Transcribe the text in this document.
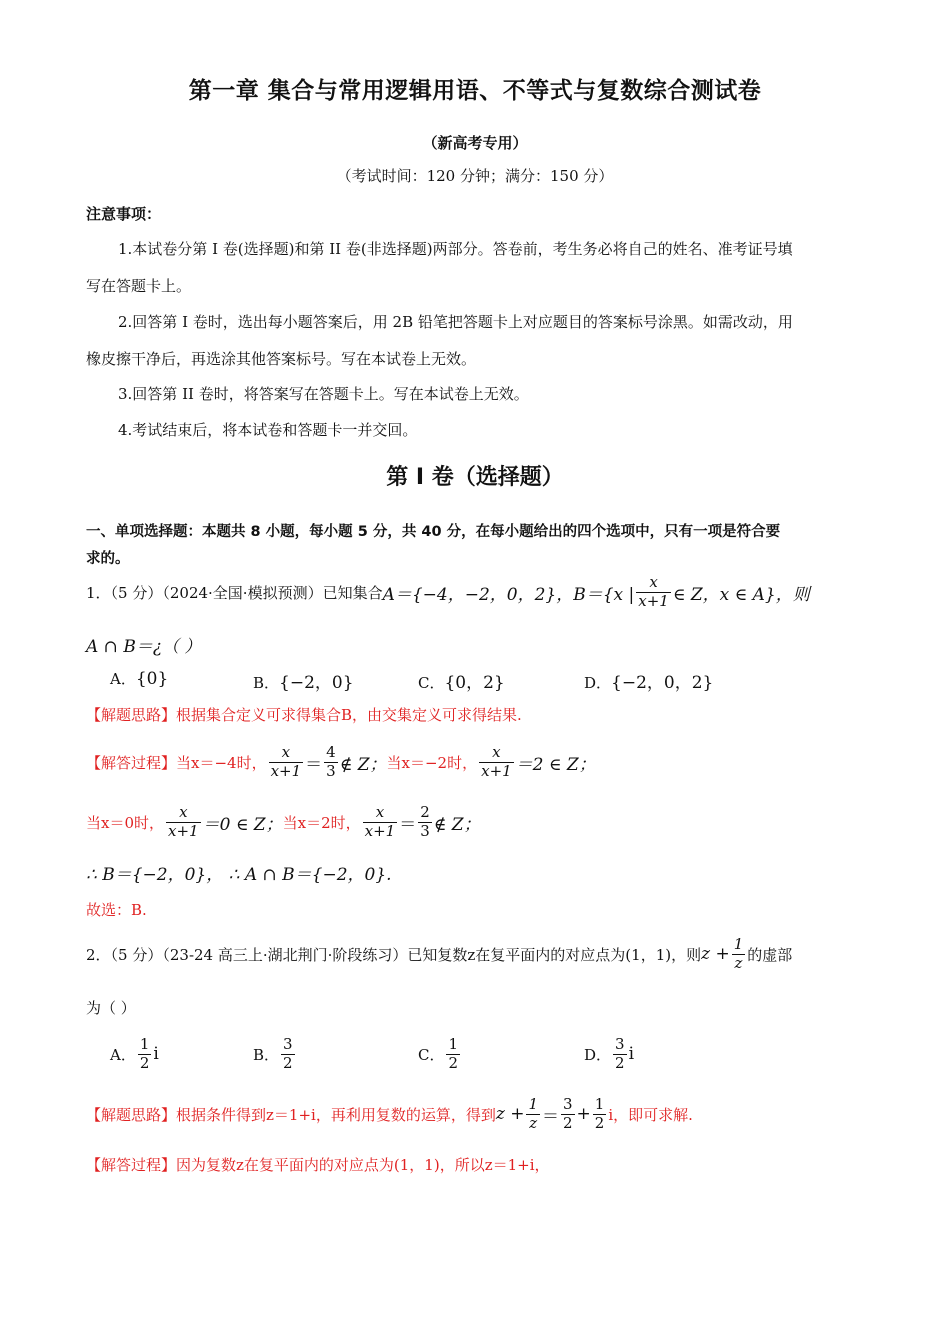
第一章 集合与常用逻辑用语、不等式与复数综合测试卷
（新高考专用）
（考试时间：120 分钟；满分：150 分）
注意事项：
1.本试卷分第 I 卷(选择题)和第 II 卷(非选择题)两部分。答卷前，考生务必将自己的姓名、准考证号填
写在答题卡上。
2.回答第 I 卷时，选出每小题答案后，用 2B 铅笔把答题卡上对应题目的答案标号涂黑。如需改动，用
橡皮擦干净后，再选涂其他答案标号。写在本试卷上无效。
3.回答第 II 卷时，将答案写在答题卡上。写在本试卷上无效。
4.考试结束后，将本试卷和答题卡一并交回。
第 I 卷（选择题）
一、单项选择题：本题共 8 小题，每小题 5 分，共 40 分，在每小题给出的四个选项中，只有一项是符合要
求的。
1．（5 分）（2024·全国·模拟预测）已知集合 A＝{−4，−2，0，2}， B＝{x | $\frac{x}{x+1}$ ∈ Z，x ∈ A}，则
A ∩ B＝¿（ ）
A．{0}	B．{−2，0}	C．{0，2}	D．{−2，0，2}
【解题思路】根据集合定义可求得集合B，由交集定义可求得结果.
【解答过程】 当x＝−4时， $\frac{x}{x+1} = \frac{4}{3}$ ∉ Z； 当x＝−2时， $\frac{x}{x+1} =2$ ∈ Z；
当x＝0时， $\frac{x}{x+1} =0$ ∈ Z； 当x＝2时， $\frac{x}{x+1} = \frac{2}{3}$ ∉ Z；
∴ B＝{−2，0}， ∴ A ∩ B＝{−2，0}.
故选：B.
2．（5 分）（23-24 高三上·湖北荆门·阶段练习）已知复数z在复平面内的对应点为(1，1)，则 $z + \frac{1}{z}$ 的虚部
为（ ）
A． $\frac{1}{2}$ i	B． $\frac{3}{2}$	C． $\frac{1}{2}$	D． $\frac{3}{2}$ i
【解题思路】根据条件得到z＝1+i，再利用复数的运算，得到 $z + \frac{1}{z} = \frac{3}{2} + \frac{1}{2}$ i，即可求解.
【解答过程】因为复数z在复平面内的对应点为(1，1)，所以z＝1+i，
